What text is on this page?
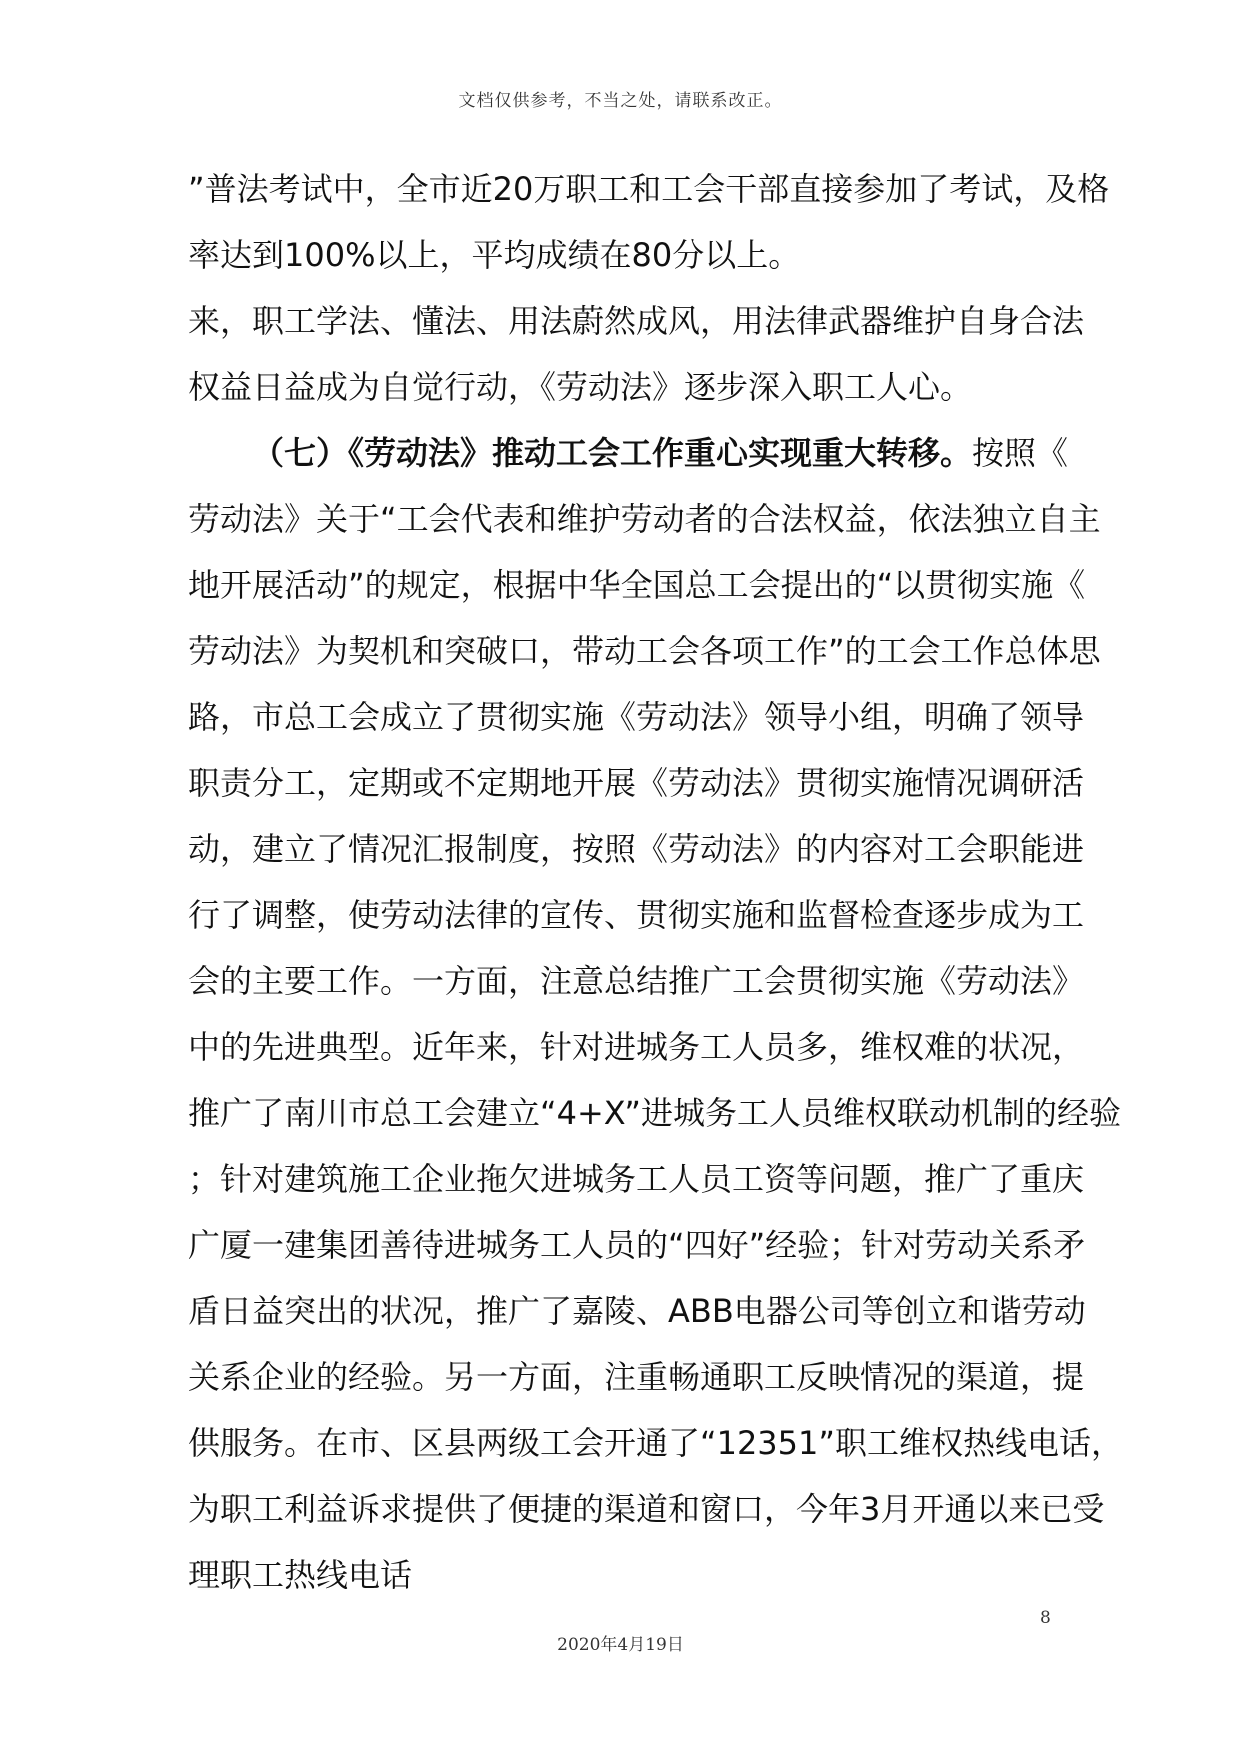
文档仅供参考，不当之处，请联系改正。
”普法考试中，全市近20万职工和工会干部直接参加了考试，及格
率达到100%以上，平均成绩在80分以上。
来，职工学法、懂法、用法蔚然成风，用法律武器维护自身合法
权益日益成为自觉行动，《劳动法》逐步深入职工人心。
（七）《劳动法》推动工会工作重心实现重大转移。按照《
劳动法》关于“工会代表和维护劳动者的合法权益，依法独立自主
地开展活动”的规定，根据中华全国总工会提出的“以贯彻实施《
劳动法》为契机和突破口，带动工会各项工作”的工会工作总体思
路，市总工会成立了贯彻实施《劳动法》领导小组，明确了领导
职责分工，定期或不定期地开展《劳动法》贯彻实施情况调研活
动，建立了情况汇报制度，按照《劳动法》的内容对工会职能进
行了调整，使劳动法律的宣传、贯彻实施和监督检查逐步成为工
会的主要工作。一方面，注意总结推广工会贯彻实施《劳动法》
中的先进典型。近年来，针对进城务工人员多，维权难的状况，
推广了南川市总工会建立“4+X”进城务工人员维权联动机制的经验
；针对建筑施工企业拖欠进城务工人员工资等问题，推广了重庆
广厦一建集团善待进城务工人员的“四好”经验；针对劳动关系矛
盾日益突出的状况，推广了嘉陵、ABB电器公司等创立和谐劳动
关系企业的经验。另一方面，注重畅通职工反映情况的渠道，提
供服务。在市、区县两级工会开通了“12351”职工维权热线电话，
为职工利益诉求提供了便捷的渠道和窗口，今年3月开通以来已受
理职工热线电话
8
2020年4月19日
